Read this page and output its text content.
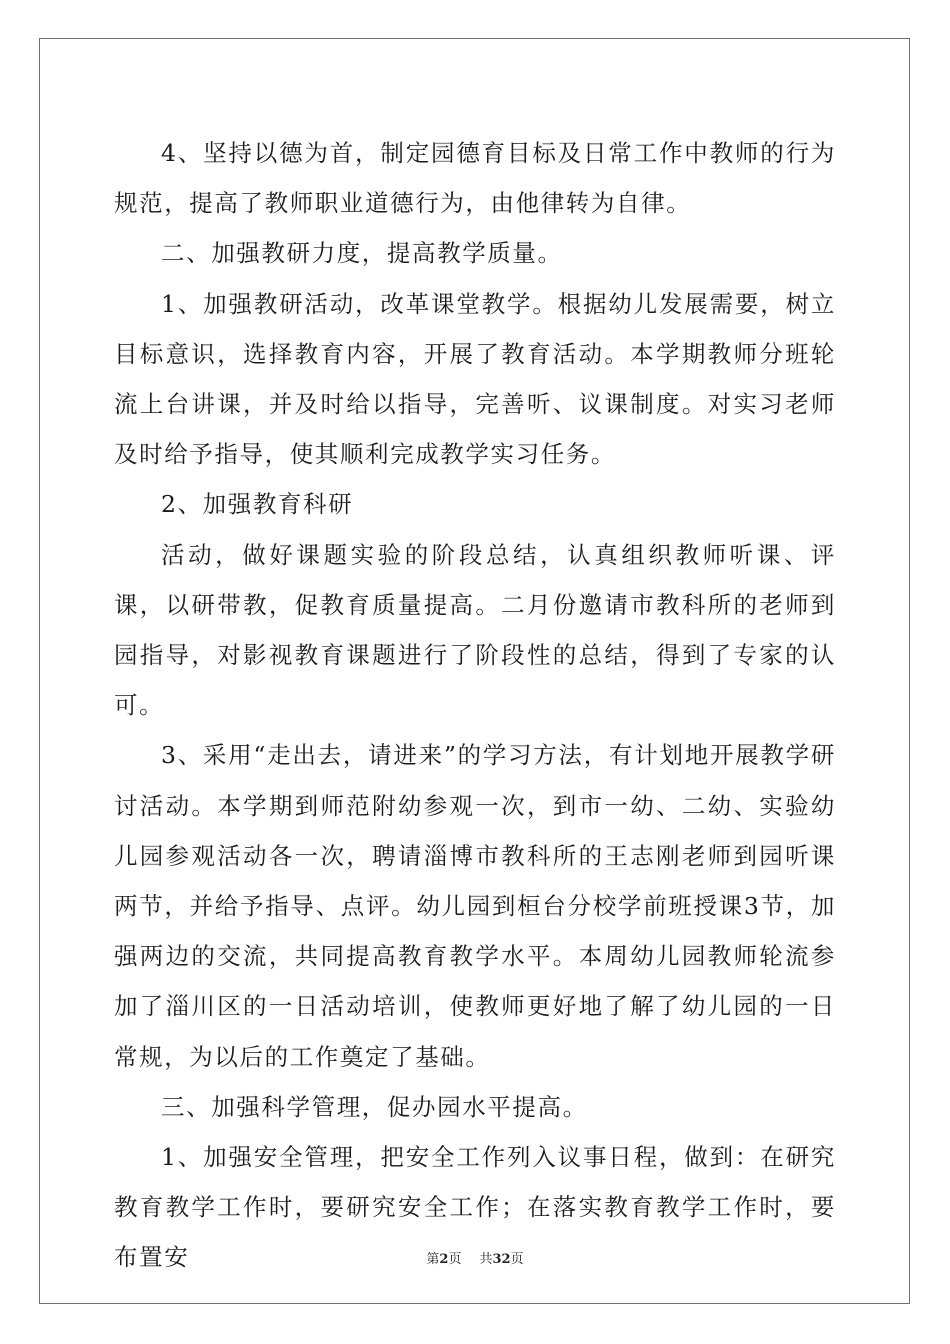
4、坚持以德为首，制定园德育目标及日常工作中教师的行为规范，提高了教师职业道德行为，由他律转为自律。

二、加强教研力度，提高教学质量。

1、加强教研活动，改革课堂教学。根据幼儿发展需要，树立目标意识，选择教育内容，开展了教育活动。本学期教师分班轮流上台讲课，并及时给以指导，完善听、议课制度。对实习老师及时给予指导，使其顺利完成教学实习任务。

2、加强教育科研

活动，做好课题实验的阶段总结，认真组织教师听课、评课，以研带教，促教育质量提高。二月份邀请市教科所的老师到园指导，对影视教育课题进行了阶段性的总结，得到了专家的认可。

3、采用“走出去，请进来”的学习方法，有计划地开展教学研讨活动。本学期到师范附幼参观一次，到市一幼、二幼、实验幼儿园参观活动各一次，聘请淄博市教科所的王志刚老师到园听课两节，并给予指导、点评。幼儿园到桓台分校学前班授课3节，加强两边的交流，共同提高教育教学水平。本周幼儿园教师轮流参加了淄川区的一日活动培训，使教师更好地了解了幼儿园的一日常规，为以后的工作奠定了基础。

三、加强科学管理，促办园水平提高。

1、加强安全管理，把安全工作列入议事日程，做到：在研究教育教学工作时，要研究安全工作；在落实教育教学工作时，要布置安	第2页 共32页
